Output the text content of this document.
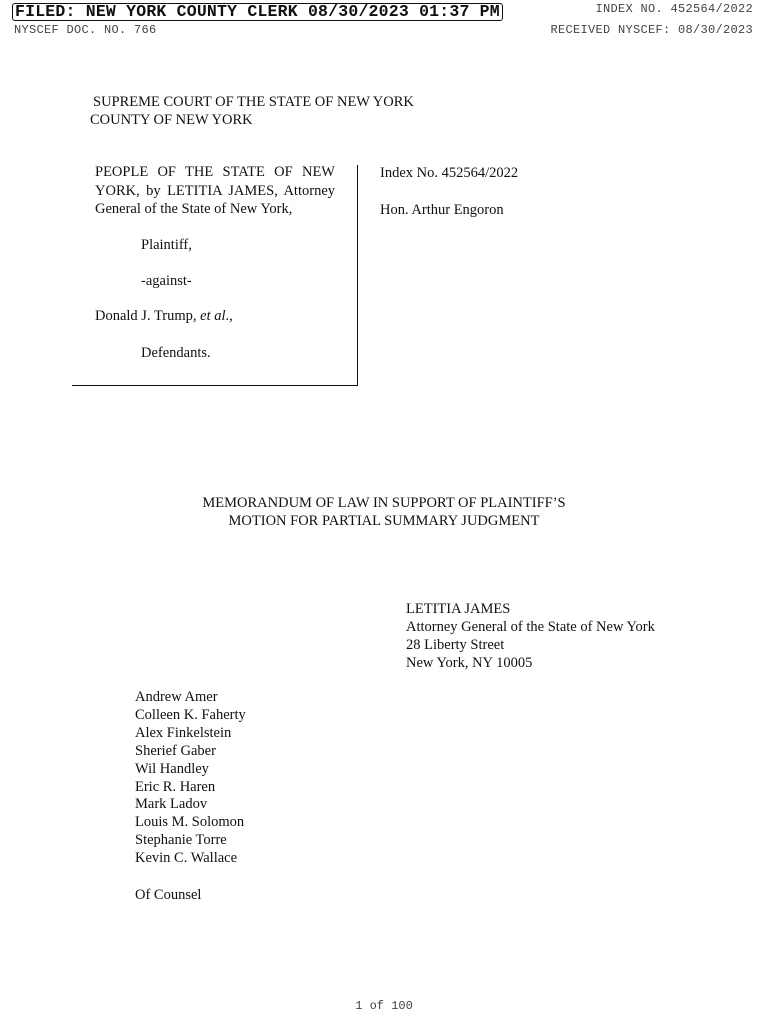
FILED: NEW YORK COUNTY CLERK 08/30/2023 01:37 PM
NYSCEF DOC. NO. 766
INDEX NO. 452564/2022
RECEIVED NYSCEF: 08/30/2023
SUPREME COURT OF THE STATE OF NEW YORK
COUNTY OF NEW YORK
PEOPLE OF THE STATE OF NEW YORK, by LETITIA JAMES, Attorney General of the State of New York,
Plaintiff,
-against-
Donald J. Trump, et al.,
Defendants.
Index No. 452564/2022
Hon. Arthur Engoron
MEMORANDUM OF LAW IN SUPPORT OF PLAINTIFF’S
MOTION FOR PARTIAL SUMMARY JUDGMENT
LETITIA JAMES
Attorney General of the State of New York
28 Liberty Street
New York, NY 10005
Andrew Amer
Colleen K. Faherty
Alex Finkelstein
Sherief Gaber
Wil Handley
Eric R. Haren
Mark Ladov
Louis M. Solomon
Stephanie Torre
Kevin C. Wallace
Of Counsel
1 of 100
